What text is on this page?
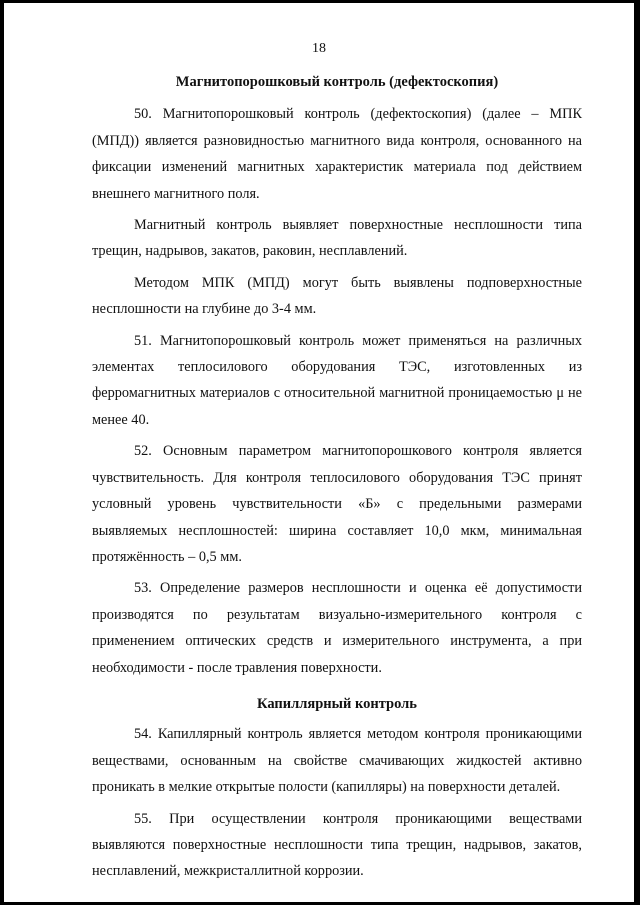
18
Магнитопорошковый контроль (дефектоскопия)

50. Магнитопорошковый контроль (дефектоскопия) (далее – МПК (МПД)) является разновидностью магнитного вида контроля, основанного на фиксации изменений магнитных характеристик материала под действием внешнего магнитного поля.

Магнитный контроль выявляет поверхностные несплошности типа трещин, надрывов, закатов, раковин, несплавлений.

Методом МПК (МПД) могут быть выявлены подповерхностные несплошности на глубине до 3-4 мм.

51. Магнитопорошковый контроль может применяться на различных элементах теплосилового оборудования ТЭС, изготовленных из ферромагнитных материалов с относительной магнитной проницаемостью μ не менее 40.

52. Основным параметром магнитопорошкового контроля является чувствительность. Для контроля теплосилового оборудования ТЭС принят условный уровень чувствительности «Б» с предельными размерами выявляемых несплошностей: ширина составляет 10,0 мкм, минимальная протяжённость – 0,5 мм.

53. Определение размеров несплошности и оценка её допустимости производятся по результатам визуально-измерительного контроля с применением оптических средств и измерительного инструмента, а при необходимости - после травления поверхности.

Капиллярный контроль

54. Капиллярный контроль является методом контроля проникающими веществами, основанным на свойстве смачивающих жидкостей активно проникать в мелкие открытые полости (капилляры) на поверхности деталей.

55. При осуществлении контроля проникающими веществами выявляются поверхностные несплошности типа трещин, надрывов, закатов, несплавлений, межкристаллитной коррозии.
